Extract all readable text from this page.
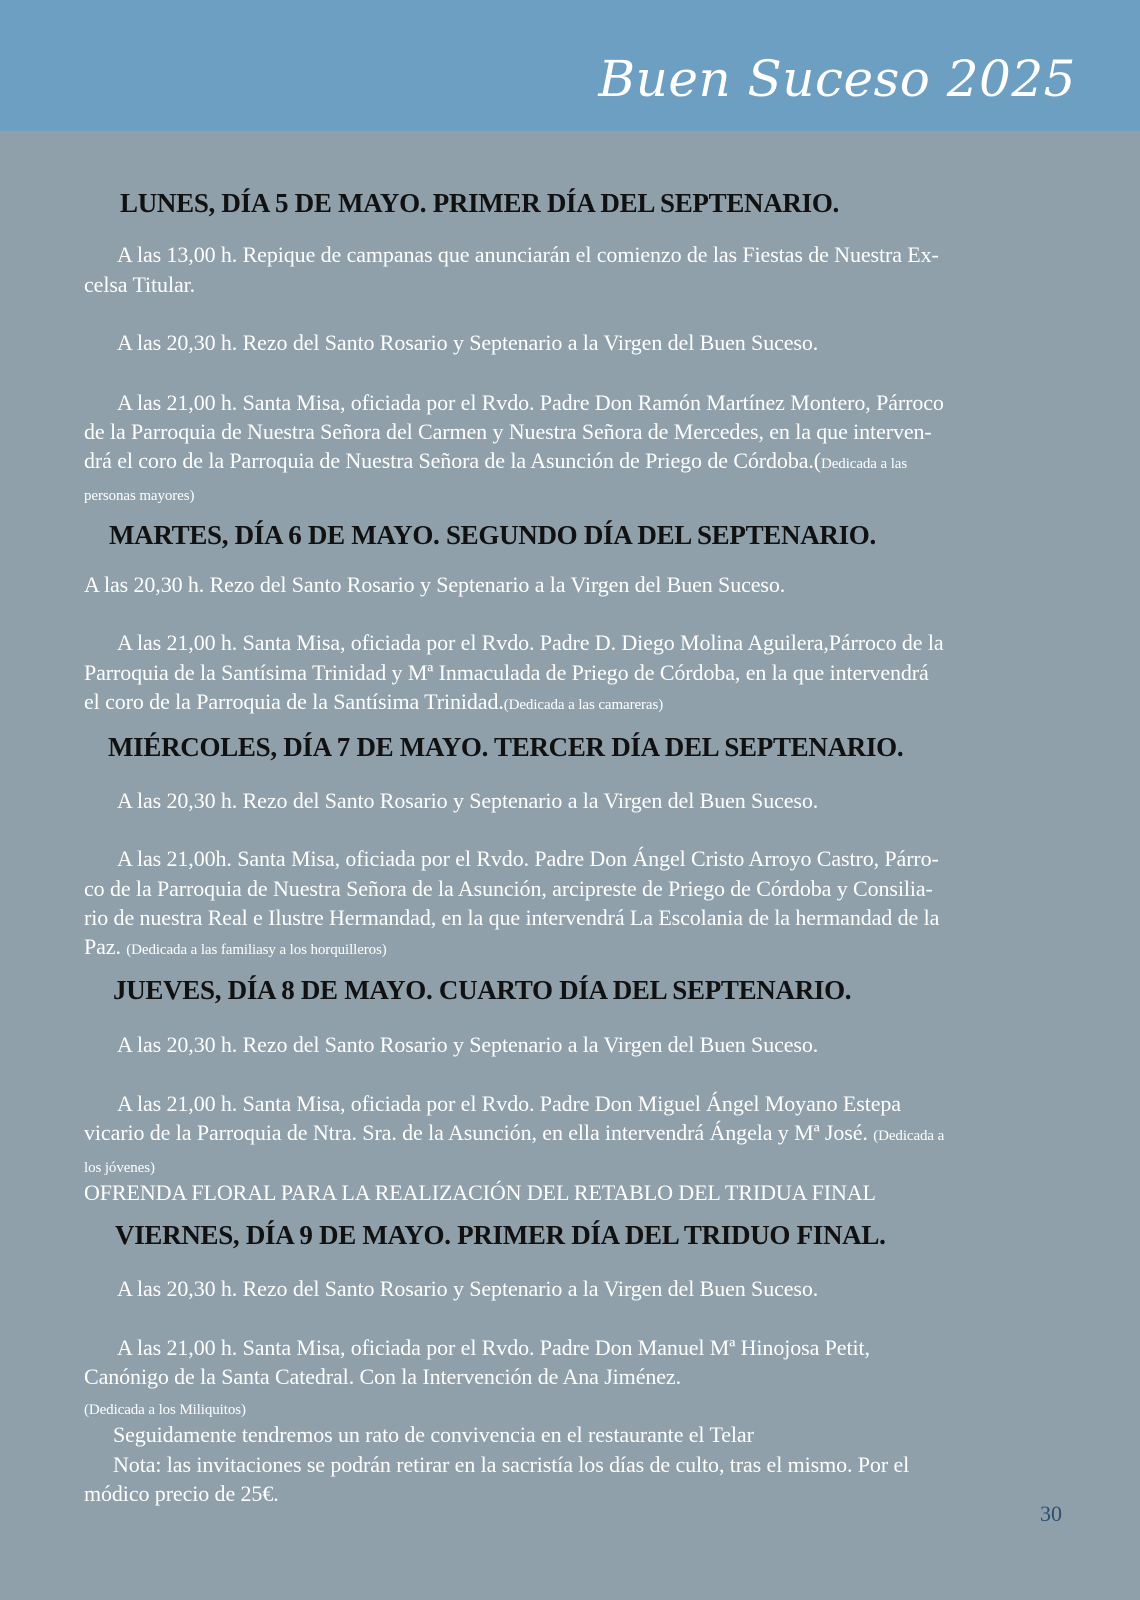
Buen Suceso 2025
LUNES, DÍA 5 DE MAYO. PRIMER DÍA DEL SEPTENARIO.
A las 13,00 h. Repique de campanas que anunciarán el comienzo de las Fiestas de Nuestra Ex-
celsa Titular.
A las 20,30 h. Rezo del Santo Rosario y Septenario a la Virgen del Buen Suceso.
A las 21,00 h. Santa Misa, oficiada por el Rvdo. Padre Don Ramón Martínez Montero, Párroco
de la Parroquia de Nuestra Señora del Carmen y Nuestra Señora de Mercedes, en la que interven-
drá el coro de la Parroquia de Nuestra Señora de la Asunción de Priego de Córdoba.(Dedicada a las
personas mayores)
MARTES, DÍA 6 DE MAYO. SEGUNDO DÍA DEL SEPTENARIO.
A las 20,30 h. Rezo del Santo Rosario y Septenario a la Virgen del Buen Suceso.
A las 21,00 h. Santa Misa, oficiada por el Rvdo. Padre D. Diego Molina Aguilera,Párroco de la
Parroquia de la Santísima Trinidad y Mª Inmaculada de Priego de Córdoba, en la que intervendrá
el coro de la Parroquia de la Santísima Trinidad.(Dedicada a las camareras)
MIÉRCOLES, DÍA 7 DE MAYO. TERCER DÍA DEL SEPTENARIO.
A las 20,30 h. Rezo del Santo Rosario y Septenario a la Virgen del Buen Suceso.
A las 21,00h. Santa Misa, oficiada por el Rvdo. Padre Don Ángel Cristo Arroyo Castro, Párro-
co de la Parroquia de Nuestra Señora de la Asunción, arcipreste de Priego de Córdoba y Consilia-
rio de nuestra Real e Ilustre Hermandad, en la que intervendrá La Escolania de la hermandad de la
Paz. (Dedicada a las familiasy a los horquilleros)
JUEVES, DÍA 8 DE MAYO. CUARTO DÍA DEL SEPTENARIO.
A las 20,30 h. Rezo del Santo Rosario y Septenario a la Virgen del Buen Suceso.
A las 21,00 h. Santa Misa, oficiada por el Rvdo. Padre Don Miguel Ángel Moyano Estepa
vicario de la Parroquia de Ntra. Sra. de la Asunción, en ella intervendrá Ángela y Mª José. (Dedicada a
los jóvenes)
OFRENDA FLORAL PARA LA REALIZACIÓN DEL RETABLO DEL TRIDUA FINAL
VIERNES, DÍA 9 DE MAYO. PRIMER DÍA DEL TRIDUO FINAL.
A las 20,30 h. Rezo del Santo Rosario y Septenario a la Virgen del Buen Suceso.
A las 21,00 h. Santa Misa, oficiada por el Rvdo. Padre Don Manuel Mª Hinojosa Petit,
Canónigo de la Santa Catedral. Con la Intervención de Ana Jiménez.
(Dedicada a los Miliquitos)
Seguidamente tendremos un rato de convivencia en el restaurante el Telar
Nota: las invitaciones se podrán retirar en la sacristía los días de culto, tras el mismo. Por el
módico precio de 25€.
30
